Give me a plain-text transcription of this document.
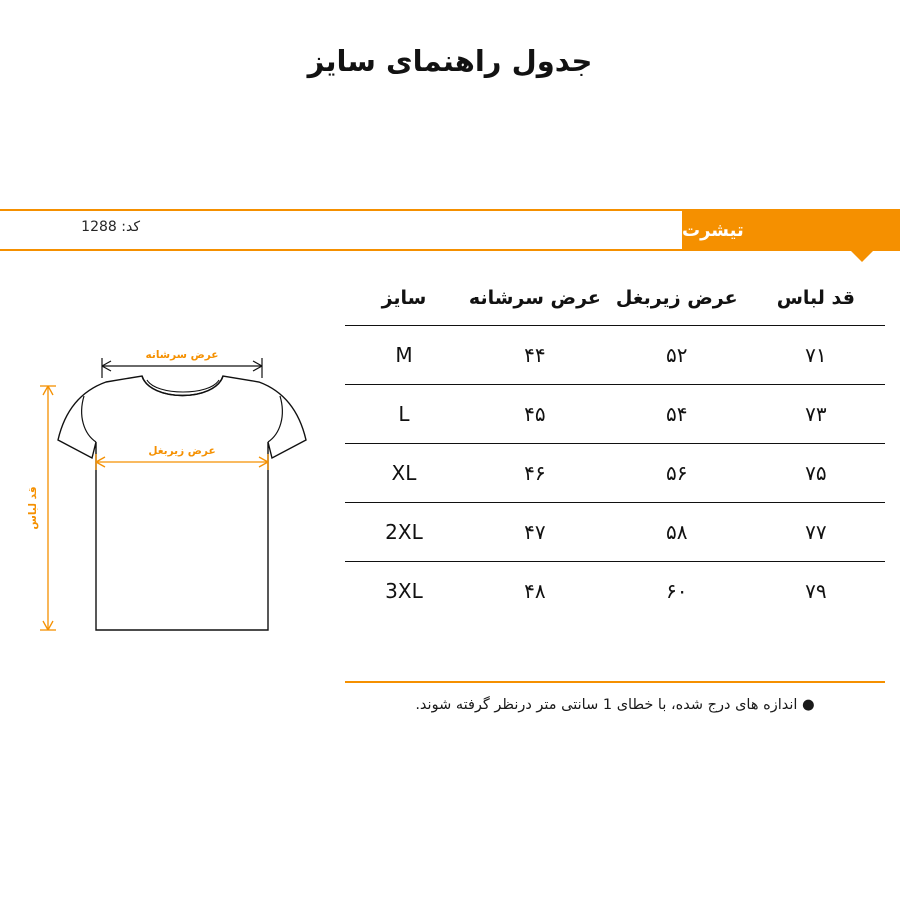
جدول راهنمای سایز
تیشرت
کد: 1288
عرض سرشانه
عرض زیربغل
قد لباس
قد لباس	عرض زیربغل	عرض سرشانه	سایز
۷۱	۵۲	۴۴	M
۷۳	۵۴	۴۵	L
۷۵	۵۶	۴۶	XL
۷۷	۵۸	۴۷	2XL
۷۹	۶۰	۴۸	3XL
● اندازه های درج شده، با خطای 1 سانتی متر درنظر گرفته شوند.
